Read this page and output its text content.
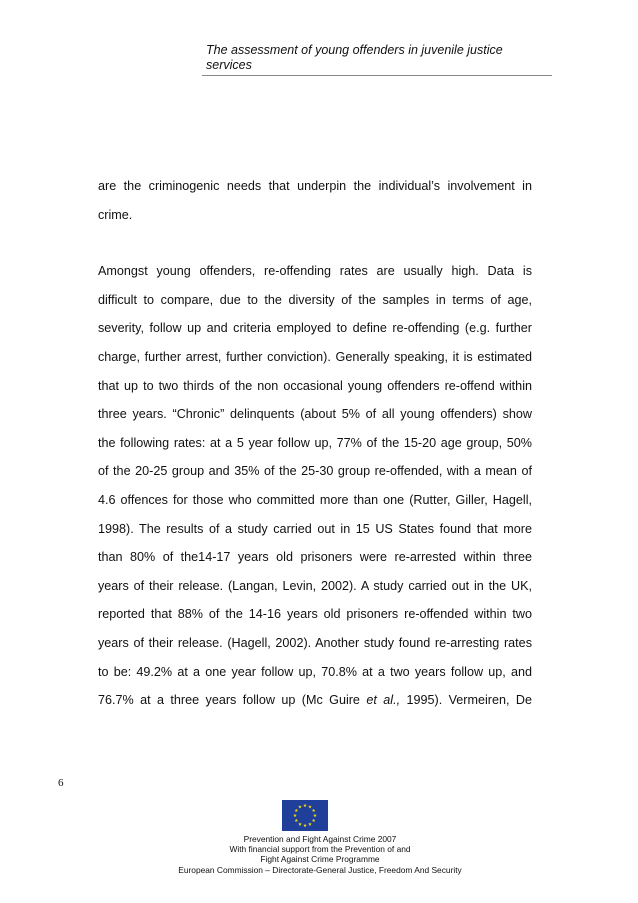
The assessment of young offenders in juvenile justice
services

are the criminogenic needs that underpin the individual’s involvement in
crime.

Amongst young offenders, re-offending rates are usually high. Data is
difficult to compare, due to the diversity of the samples in terms of age,
severity, follow up and criteria employed to define re-offending (e.g. further
charge, further arrest, further conviction). Generally speaking, it is estimated
that up to two thirds of the non occasional young offenders re-offend within
three years. “Chronic” delinquents (about 5% of all young offenders) show
the following rates: at a 5 year follow up, 77% of the 15-20 age group, 50%
of the 20-25 group and 35% of the 25-30 group re-offended, with a mean of
4.6 offences for those who committed more than one (Rutter, Giller, Hagell,
1998). The results of a study carried out in 15 US States found that more
than 80% of the14-17 years old prisoners were re-arrested within three
years of their release. (Langan, Levin, 2002). A study carried out in the UK,
reported that 88% of the 14-16 years old prisoners re-offended within two
years of their release. (Hagell, 2002). Another study found re-arresting rates
to be: 49.2% at a one year follow up, 70.8% at a two years follow up, and
76.7% at a three years follow up (Mc Guire et al., 1995). Vermeiren, De

6
Prevention and Fight Against Crime 2007
With financial support from the Prevention of and
Fight Against Crime Programme
European Commission – Directorate-General Justice, Freedom And Security
